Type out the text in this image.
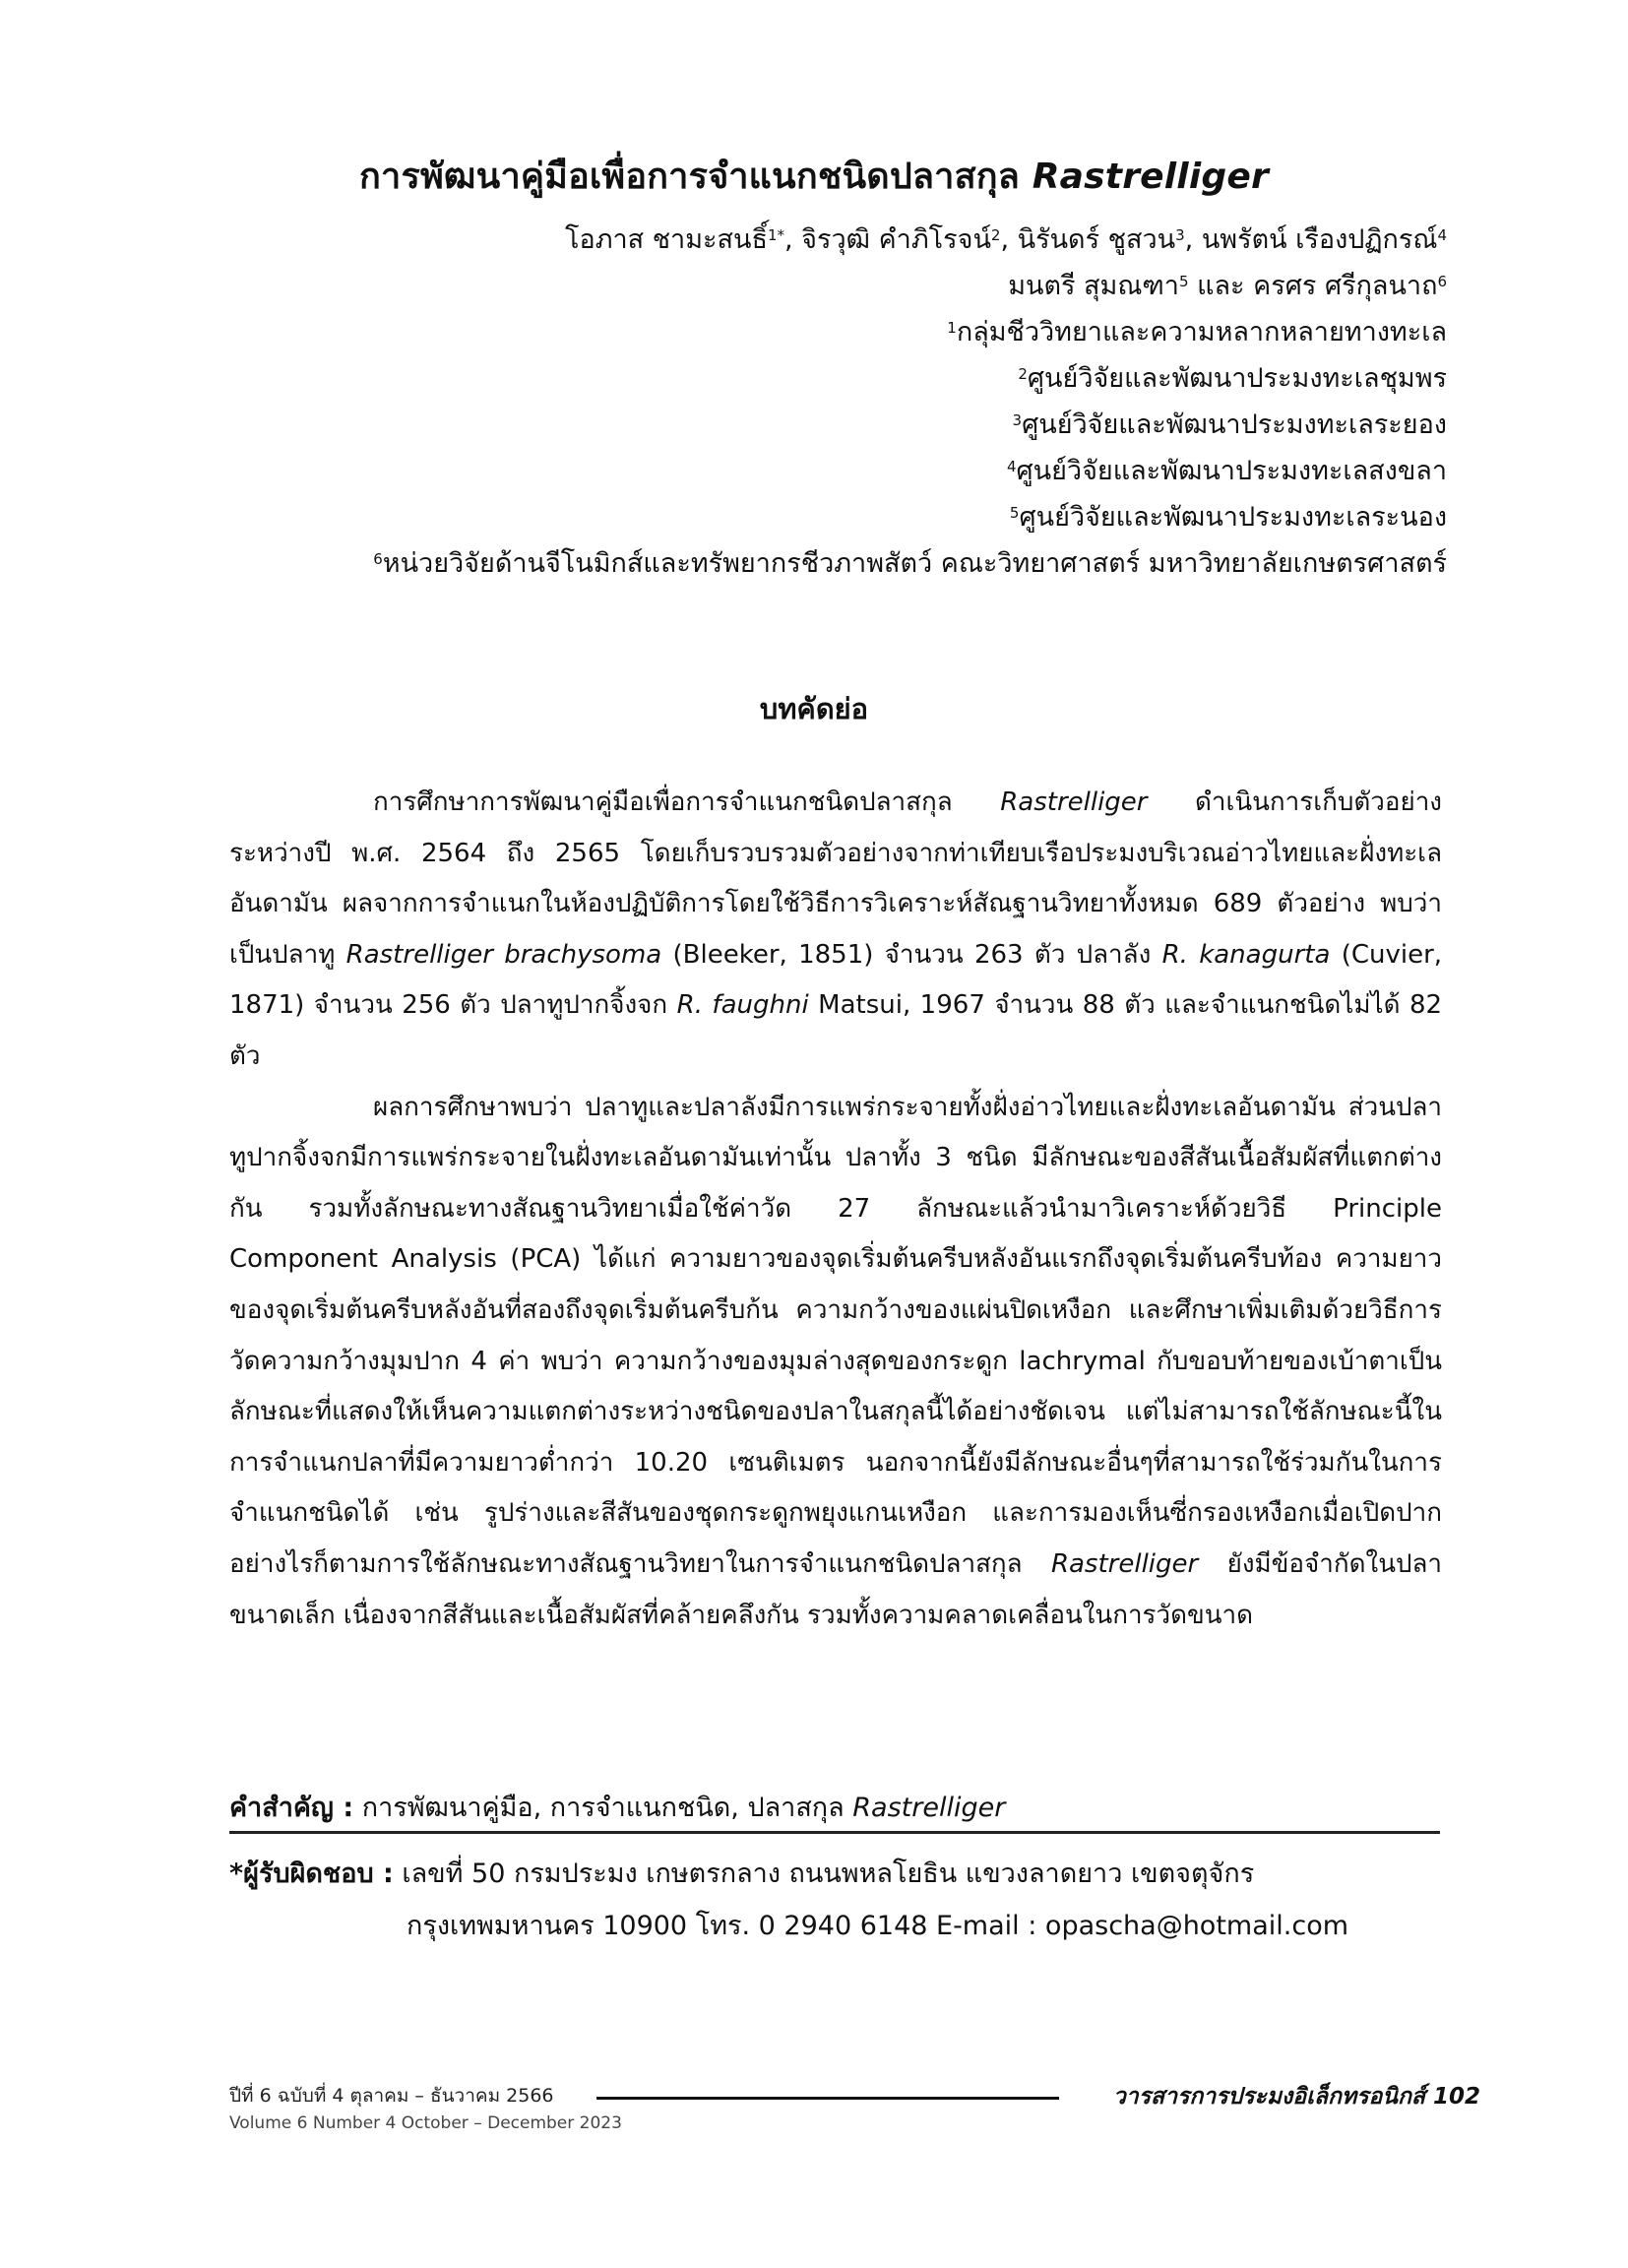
การพัฒนาคู่มือเพื่อการจำแนกชนิดปลาสกุล Rastrelliger
โอภาส ชามะสนธิ์$^{1*}$, จิรวุฒิ คำภิโรจน์$^2$, นิรันดร์ ชูสวน$^3$, นพรัตน์ เรืองปฏิกรณ์$^4$
มนตรี สุมณฑา$^5$ และ ครศร ศรีกุลนาถ$^6$
$^1$กลุ่มชีววิทยาและความหลากหลายทางทะเล
$^2$ศูนย์วิจัยและพัฒนาประมงทะเลชุมพร
$^3$ศูนย์วิจัยและพัฒนาประมงทะเลระยอง
$^4$ศูนย์วิจัยและพัฒนาประมงทะเลสงขลา
$^5$ศูนย์วิจัยและพัฒนาประมงทะเลระนอง
$^6$หน่วยวิจัยด้านจีโนมิกส์และทรัพยากรชีวภาพสัตว์ คณะวิทยาศาสตร์ มหาวิทยาลัยเกษตรศาสตร์
บทคัดย่อ

การศึกษาการพัฒนาคู่มือเพื่อการจำแนกชนิดปลาสกุล Rastrelliger ดำเนินการเก็บตัวอย่างระหว่างปี พ.ศ. 2564 ถึง 2565 โดยเก็บรวบรวมตัวอย่างจากท่าเทียบเรือประมงบริเวณอ่าวไทยและฝั่งทะเลอันดามัน ผลจากการจำแนกในห้องปฏิบัติการโดยใช้วิธีการวิเคราะห์สัณฐานวิทยาทั้งหมด 689 ตัวอย่าง พบว่าเป็นปลาทู Rastrelliger brachysoma (Bleeker, 1851) จำนวน 263 ตัว ปลาลัง R. kanagurta (Cuvier, 1871) จำนวน 256 ตัว ปลาทูปากจิ้งจก R. faughni Matsui, 1967 จำนวน 88 ตัว และจำแนกชนิดไม่ได้ 82 ตัว

ผลการศึกษาพบว่า ปลาทูและปลาลังมีการแพร่กระจายทั้งฝั่งอ่าวไทยและฝั่งทะเลอันดามัน ส่วนปลาทูปากจิ้งจกมีการแพร่กระจายในฝั่งทะเลอันดามันเท่านั้น ปลาทั้ง 3 ชนิด มีลักษณะของสีสันเนื้อสัมผัสที่แตกต่างกัน รวมทั้งลักษณะทางสัณฐานวิทยาเมื่อใช้ค่าวัด 27 ลักษณะแล้วนำมาวิเคราะห์ด้วยวิธี Principle Component Analysis (PCA) ได้แก่ ความยาวของจุดเริ่มต้นครีบหลังอันแรกถึงจุดเริ่มต้นครีบท้อง ความยาวของจุดเริ่มต้นครีบหลังอันที่สองถึงจุดเริ่มต้นครีบก้น ความกว้างของแผ่นปิดเหงือก และศึกษาเพิ่มเติมด้วยวิธีการวัดความกว้างมุมปาก 4 ค่า พบว่า ความกว้างของมุมล่างสุดของกระดูก lachrymal กับขอบท้ายของเบ้าตาเป็นลักษณะที่แสดงให้เห็นความแตกต่างระหว่างชนิดของปลาในสกุลนี้ได้อย่างชัดเจน แต่ไม่สามารถใช้ลักษณะนี้ในการจำแนกปลาที่มีความยาวต่ำกว่า 10.20 เซนติเมตร นอกจากนี้ยังมีลักษณะอื่นๆที่สามารถใช้ร่วมกันในการจำแนกชนิดได้ เช่น รูปร่างและสีสันของชุดกระดูกพยุงแกนเหงือก และการมองเห็นซี่กรองเหงือกเมื่อเปิดปาก อย่างไรก็ตามการใช้ลักษณะทางสัณฐานวิทยาในการจำแนกชนิดปลาสกุล Rastrelliger ยังมีข้อจำกัดในปลาขนาดเล็ก เนื่องจากสีสันและเนื้อสัมผัสที่คล้ายคลึงกัน รวมทั้งความคลาดเคลื่อนในการวัดขนาด

คำสำคัญ : การพัฒนาคู่มือ, การจำแนกชนิด, ปลาสกุล Rastrelliger
*ผู้รับผิดชอบ : เลขที่ 50 กรมประมง เกษตรกลาง ถนนพหลโยธิน แขวงลาดยาว เขตจตุจักร
กรุงเทพมหานคร 10900 โทร. 0 2940 6148 E-mail : opascha@hotmail.com
ปีที่ 6 ฉบับที่ 4 ตุลาคม – ธันวาคม 2566
Volume 6 Number 4 October – December 2023
วารสารการประมงอิเล็กทรอนิกส์ 102
